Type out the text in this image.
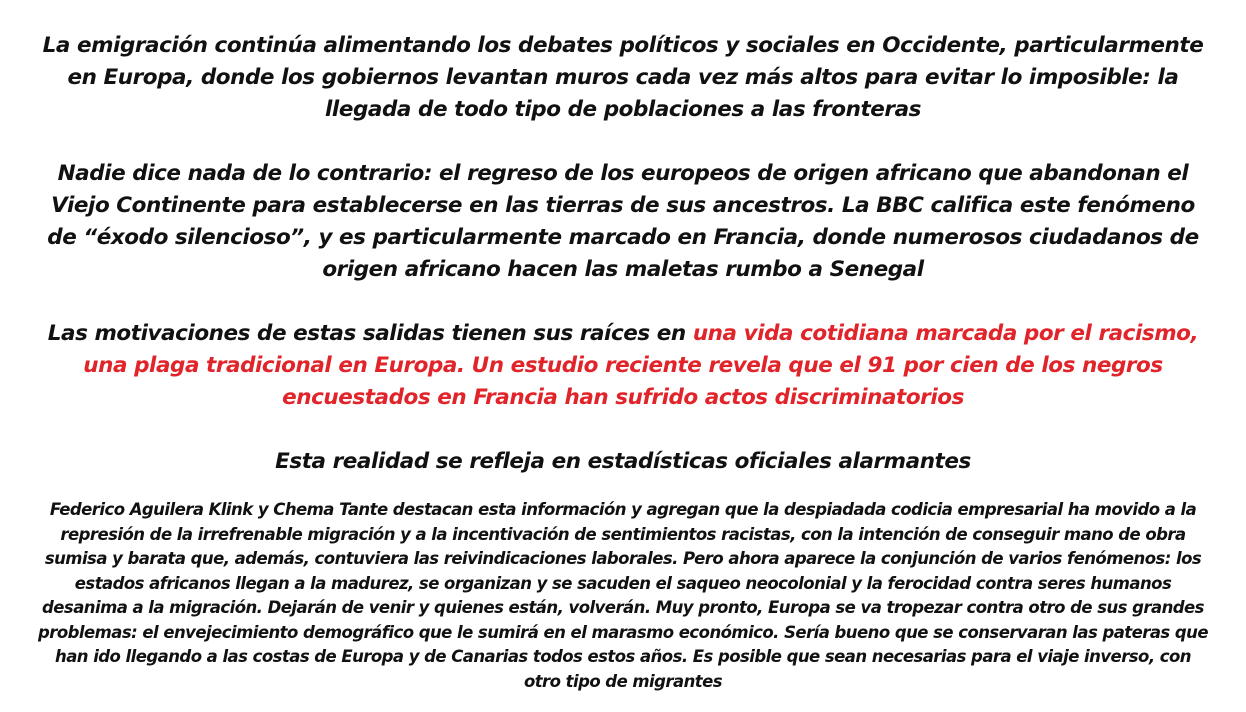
La emigración continúa alimentando los debates políticos y sociales en Occidente, particularmente en Europa, donde los gobiernos levantan muros cada vez más altos para evitar lo imposible: la llegada de todo tipo de poblaciones a las fronteras

Nadie dice nada de lo contrario: el regreso de los europeos de origen africano que abandonan el Viejo Continente para establecerse en las tierras de sus ancestros. La BBC califica este fenómeno de “éxodo silencioso”, y es particularmente marcado en Francia, donde numerosos ciudadanos de origen africano hacen las maletas rumbo a Senegal

Las motivaciones de estas salidas tienen sus raíces en una vida cotidiana marcada por el racismo, una plaga tradicional en Europa. Un estudio reciente revela que el 91 por cien de los negros encuestados en Francia han sufrido actos discriminatorios

Esta realidad se refleja en estadísticas oficiales alarmantes

Federico Aguilera Klink y Chema Tante destacan esta información y agregan que la despiadada codicia empresarial ha movido a la represión de la irrefrenable migración y a la incentivación de sentimientos racistas, con la intención de conseguir mano de obra sumisa y barata que, además, contuviera las reivindicaciones laborales. Pero ahora aparece la conjunción de varios fenómenos: los estados africanos llegan a la madurez, se organizan y se sacuden el saqueo neocolonial y la ferocidad contra seres humanos desanima a la migración. Dejarán de venir y quienes están, volverán. Muy pronto, Europa se va tropezar contra otro de sus grandes problemas: el envejecimiento demográfico que le sumirá en el marasmo económico. Sería bueno que se conservaran las pateras que han ido llegando a las costas de Europa y de Canarias todos estos años. Es posible que sean necesarias para el viaje inverso, con otro tipo de migrantes
